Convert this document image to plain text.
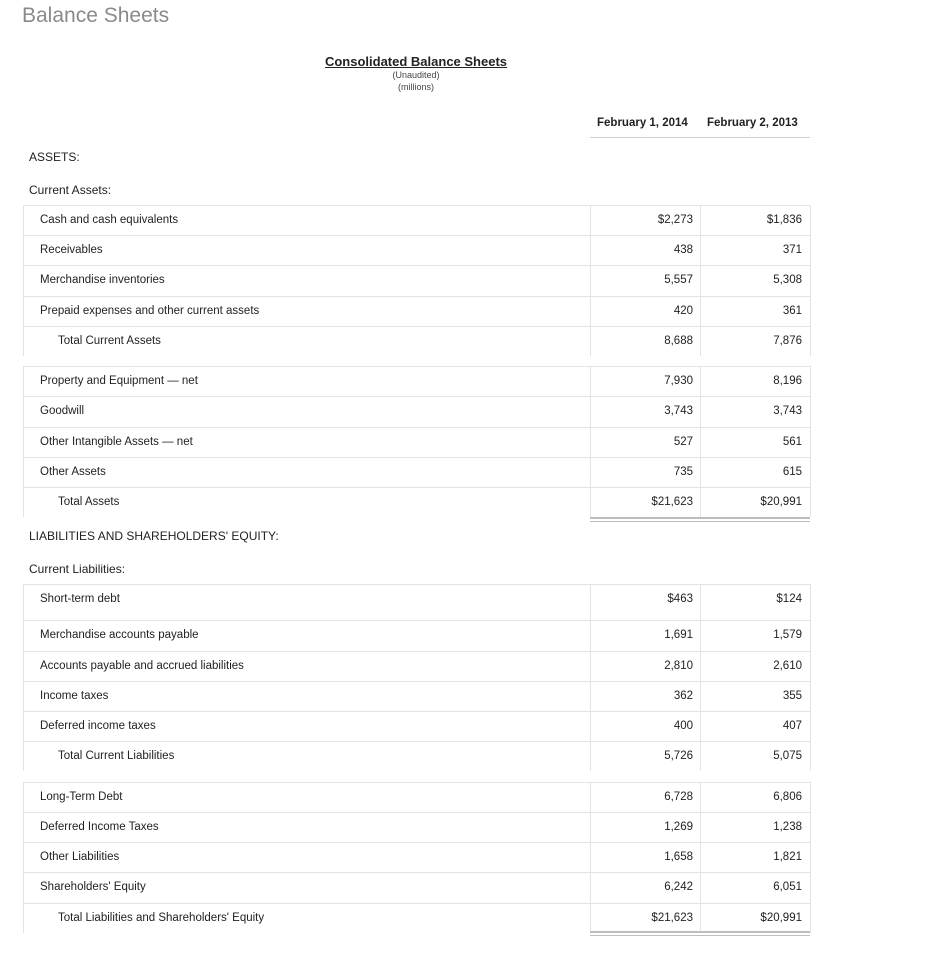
Balance Sheets
Consolidated Balance Sheets
(Unaudited)
(millions)
February 1, 2014 February 2, 2013
ASSETS:
Current Assets:
LIABILITIES AND SHAREHOLDERS' EQUITY:
Current Liabilities:
Cash and cash equivalents	$2,273	$1,836
Receivables	438	371
Merchandise inventories	5,557	5,308
Prepaid expenses and other current assets	420	361
Total Current Assets	8,688	7,876
Property and Equipment — net	7,930	8,196
Goodwill	3,743	3,743
Other Intangible Assets — net	527	561
Other Assets	735	615
Total Assets	$21,623	$20,991
Short-term debt	$463	$124
Merchandise accounts payable	1,691	1,579
Accounts payable and accrued liabilities	2,810	2,610
Income taxes	362	355
Deferred income taxes	400	407
Total Current Liabilities	5,726	5,075
Long-Term Debt	6,728	6,806
Deferred Income Taxes	1,269	1,238
Other Liabilities	1,658	1,821
Shareholders' Equity	6,242	6,051
Total Liabilities and Shareholders' Equity	$21,623	$20,991
